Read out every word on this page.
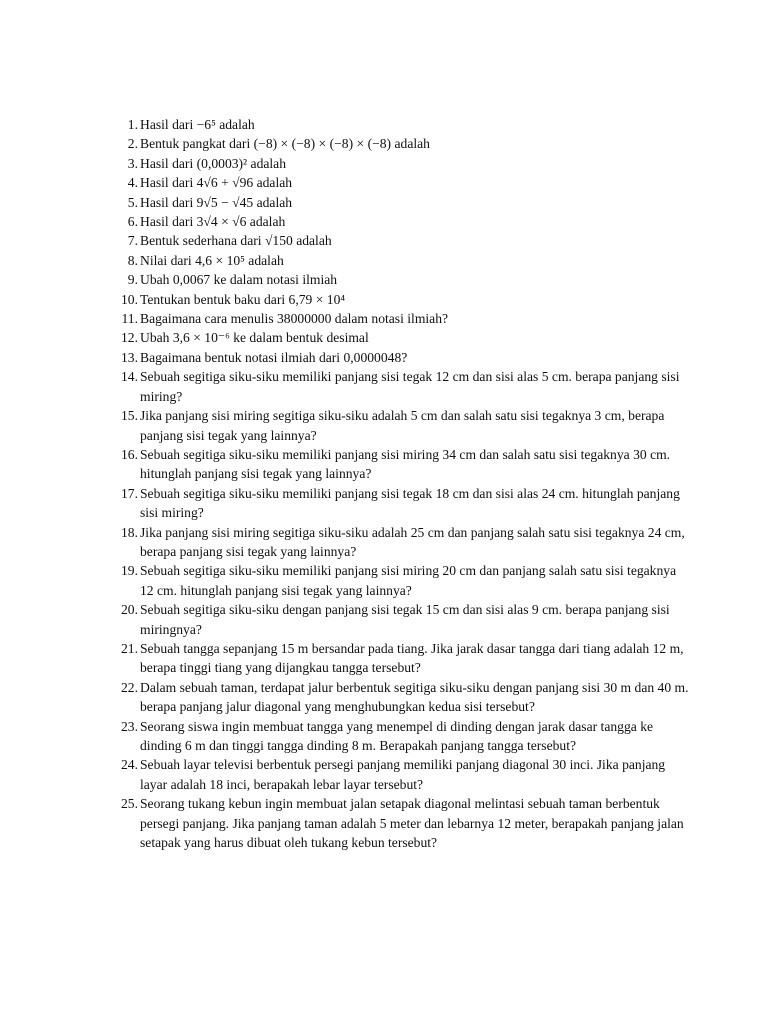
1. Hasil dari −6⁵ adalah
2. Bentuk pangkat dari (−8) × (−8) × (−8) × (−8) adalah
3. Hasil dari (0,0003)² adalah
4. Hasil dari 4√6 + √96 adalah
5. Hasil dari 9√5 − √45 adalah
6. Hasil dari 3√4 × √6 adalah
7. Bentuk sederhana dari √150 adalah
8. Nilai dari 4,6 × 10⁵ adalah
9. Ubah 0,0067 ke dalam notasi ilmiah
10. Tentukan bentuk baku dari 6,79 × 10⁴
11. Bagaimana cara menulis 38000000 dalam notasi ilmiah?
12. Ubah 3,6 × 10⁻⁶ ke dalam bentuk desimal
13. Bagaimana bentuk notasi ilmiah dari 0,0000048?
14. Sebuah segitiga siku-siku memiliki panjang sisi tegak 12 cm dan sisi alas 5 cm. berapa panjang sisi miring?
15. Jika panjang sisi miring segitiga siku-siku adalah 5 cm dan salah satu sisi tegaknya 3 cm, berapa panjang sisi tegak yang lainnya?
16. Sebuah segitiga siku-siku memiliki panjang sisi miring 34 cm dan salah satu sisi tegaknya 30 cm. hitunglah panjang sisi tegak yang lainnya?
17. Sebuah segitiga siku-siku memiliki panjang sisi tegak 18 cm dan sisi alas 24 cm. hitunglah panjang sisi miring?
18. Jika panjang sisi miring segitiga siku-siku adalah 25 cm dan panjang salah satu sisi tegaknya 24 cm, berapa panjang sisi tegak yang lainnya?
19. Sebuah segitiga siku-siku memiliki panjang sisi miring 20 cm dan panjang salah satu sisi tegaknya 12 cm. hitunglah panjang sisi tegak yang lainnya?
20. Sebuah segitiga siku-siku dengan panjang sisi tegak 15 cm dan sisi alas 9 cm. berapa panjang sisi miringnya?
21. Sebuah tangga sepanjang 15 m bersandar pada tiang. Jika jarak dasar tangga dari tiang adalah 12 m, berapa tinggi tiang yang dijangkau tangga tersebut?
22. Dalam sebuah taman, terdapat jalur berbentuk segitiga siku-siku dengan panjang sisi 30 m dan 40 m. berapa panjang jalur diagonal yang menghubungkan kedua sisi tersebut?
23. Seorang siswa ingin membuat tangga yang menempel di dinding dengan jarak dasar tangga ke dinding 6 m dan tinggi tangga dinding 8 m. Berapakah panjang tangga tersebut?
24. Sebuah layar televisi berbentuk persegi panjang memiliki panjang diagonal 30 inci. Jika panjang layar adalah 18 inci, berapakah lebar layar tersebut?
25. Seorang tukang kebun ingin membuat jalan setapak diagonal melintasi sebuah taman berbentuk persegi panjang. Jika panjang taman adalah 5 meter dan lebarnya 12 meter, berapakah panjang jalan setapak yang harus dibuat oleh tukang kebun tersebut?
